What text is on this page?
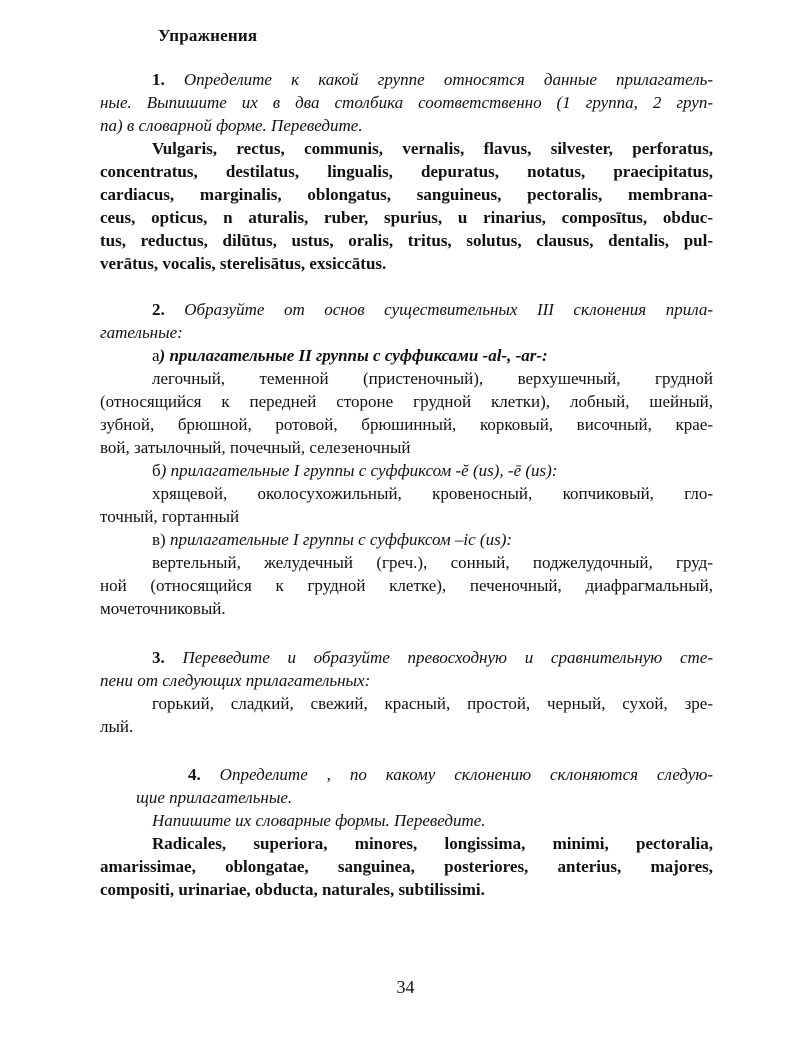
Упражнения
1. Определите к какой группе относятся данные прилагатель-
ные. Выпишите их в два столбика соответственно (1 группа, 2 груп-
па) в словарной форме. Переведите.
Vulgaris, rectus, communis, vernalis, flavus, silvester, perforatus,
concentratus, destilatus, lingualis, depuratus, notatus, praecipitatus,
cardiacus, marginalis, oblongatus, sanguineus, pectoralis, membrana-
ceus, opticus, n aturalis, ruber, spurius, u rinarius, composītus, obduc-
tus, reductus, dilūtus, ustus, oralis, tritus, solutus, clausus, dentalis, pul-
verātus, vocalis, sterelisātus, exsiccātus.
2. Образуйте от основ существительных III склонения прила-
гательные:
а) прилагательные II группы с суффиксами -al-, -ar-:
легочный, теменной (пристеночный), верхушечный, грудной
(относящийся к передней стороне грудной клетки), лобный, шейный,
зубной, брюшной, ротовой, брюшинный, корковый, височный, крае-
вой, затылочный, почечный, селезеночный
б) прилагательные I группы с суффиксом -ĕ (us), -ē (us):
хрящевой, околосухожильный, кровеносный, копчиковый, гло-
точный, гортанный
в) прилагательные I группы с суффиксом –ic (us):
вертельный, желудечный (греч.), сонный, поджелудочный, груд-
ной (относящийся к грудной клетке), печеночный, диафрагмальный,
мочеточниковый.
3. Переведите и образуйте превосходную и сравнительную сте-
пени от следующих прилагательных:
горький, сладкий, свежий, красный, простой, черный, сухой, зре-
лый.
4. Определите , по какому склонению склоняются следую-
щие прилагательные.
Напишите их словарные формы. Переведите.
Radicales, superiora, minores, longissima, minimi, pectoralia,
amarissimae, oblongatae, sanguinea, posteriores, anterius, majores,
compositi, urinariae, obducta, naturales, subtilissimi.
34
